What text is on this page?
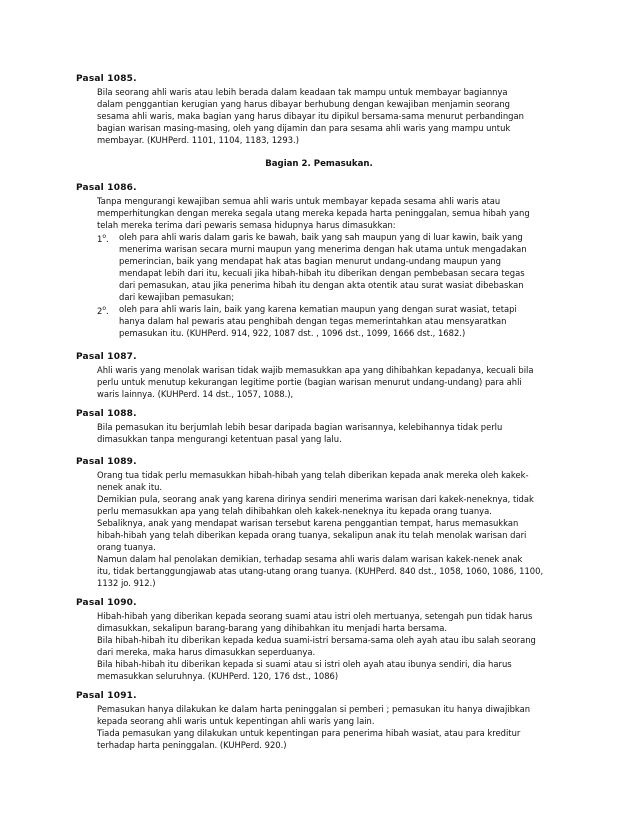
Pasal 1085.
Bila seorang ahli waris atau lebih berada dalam keadaan tak mampu untuk membayar bagiannya
dalam penggantian kerugian yang harus dibayar berhubung dengan kewajiban menjamin seorang
sesama ahli waris, maka bagian yang harus dibayar itu dipikul bersama-sama menurut perbandingan
bagian warisan masing-masing, oleh yang dijamin dan para sesama ahli waris yang mampu untuk
membayar. (KUHPerd. 1101, 1104, 1183, 1293.)
Bagian 2. Pemasukan.
Pasal 1086.
Tanpa mengurangi kewajiban semua ahli waris untuk membayar kepada sesama ahli waris atau
memperhitungkan dengan mereka segala utang mereka kepada harta peninggalan, semua hibah yang
telah mereka terima dari pewaris semasa hidupnya harus dimasukkan:
1$^o$. oleh para ahli waris dalam garis ke bawah, baik yang sah maupun yang di luar kawin, baik yang
menerima warisan secara murni maupun yang menerima dengan hak utama untuk mengadakan
pemerincian, baik yang mendapat hak atas bagian menurut undang-undang maupun yang
mendapat lebih dari itu, kecuali jika hibah-hibah itu diberikan dengan pembebasan secara tegas
dari pemasukan, atau jika penerima hibah itu dengan akta otentik atau surat wasiat dibebaskan
dari kewajiban pemasukan;
2$^o$. oleh para ahli waris lain, baik yang karena kematian maupun yang dengan surat wasiat, tetapi
hanya dalam hal pewaris atau penghibah dengan tegas memerintahkan atau mensyaratkan
pemasukan itu. (KUHPerd. 914, 922, 1087 dst. , 1096 dst., 1099, 1666 dst., 1682.)
Pasal 1087.
Ahli waris yang menolak warisan tidak wajib memasukkan apa yang dihibahkan kepadanya, kecuali bila
perlu untuk menutup kekurangan legitime portie (bagian warisan menurut undang-undang) para ahli
waris lainnya. (KUHPerd. 14 dst., 1057, 1088.),
Pasal 1088.
Bila pemasukan itu berjumlah lebih besar daripada bagian warisannya, kelebihannya tidak perlu
dimasukkan tanpa mengurangi ketentuan pasal yang lalu.
Pasal 1089.
Orang tua tidak perlu memasukkan hibah-hibah yang telah diberikan kepada anak mereka oleh kakek-
nenek anak itu.
Demikian pula, seorang anak yang karena dirinya sendiri menerima warisan dari kakek-neneknya, tidak
perlu memasukkan apa yang telah dihibahkan oleh kakek-neneknya itu kepada orang tuanya.
Sebaliknya, anak yang mendapat warisan tersebut karena penggantian tempat, harus memasukkan
hibah-hibah yang telah diberikan kepada orang tuanya, sekalipun anak itu telah menolak warisan dari
orang tuanya.
Namun dalam hal penolakan demikian, terhadap sesama ahli waris dalam warisan kakek-nenek anak
itu, tidak bertanggungjawab atas utang-utang orang tuanya. (KUHPerd. 840 dst., 1058, 1060, 1086, 1100,
1132 jo. 912.)
Pasal 1090.
Hibah-hibah yang diberikan kepada seorang suami atau istri oleh mertuanya, setengah pun tidak harus
dimasukkan, sekalipun barang-barang yang dihibahkan itu menjadi harta bersama.
Bila hibah-hibah itu diberikan kepada kedua suami-istri bersama-sama oleh ayah atau ibu salah seorang
dari mereka, maka harus dimasukkan seperduanya.
Bila hibah-hibah itu diberikan kepada si suami atau si istri oleh ayah atau ibunya sendiri, dia harus
memasukkan seluruhnya. (KUHPerd. 120, 176 dst., 1086)
Pasal 1091.
Pemasukan hanya dilakukan ke dalam harta peninggalan si pemberi ; pemasukan itu hanya diwajibkan
kepada seorang ahli waris untuk kepentingan ahli waris yang lain.
Tiada pemasukan yang dilakukan untuk kepentingan para penerima hibah wasiat, atau para kreditur
terhadap harta peninggalan. (KUHPerd. 920.)
